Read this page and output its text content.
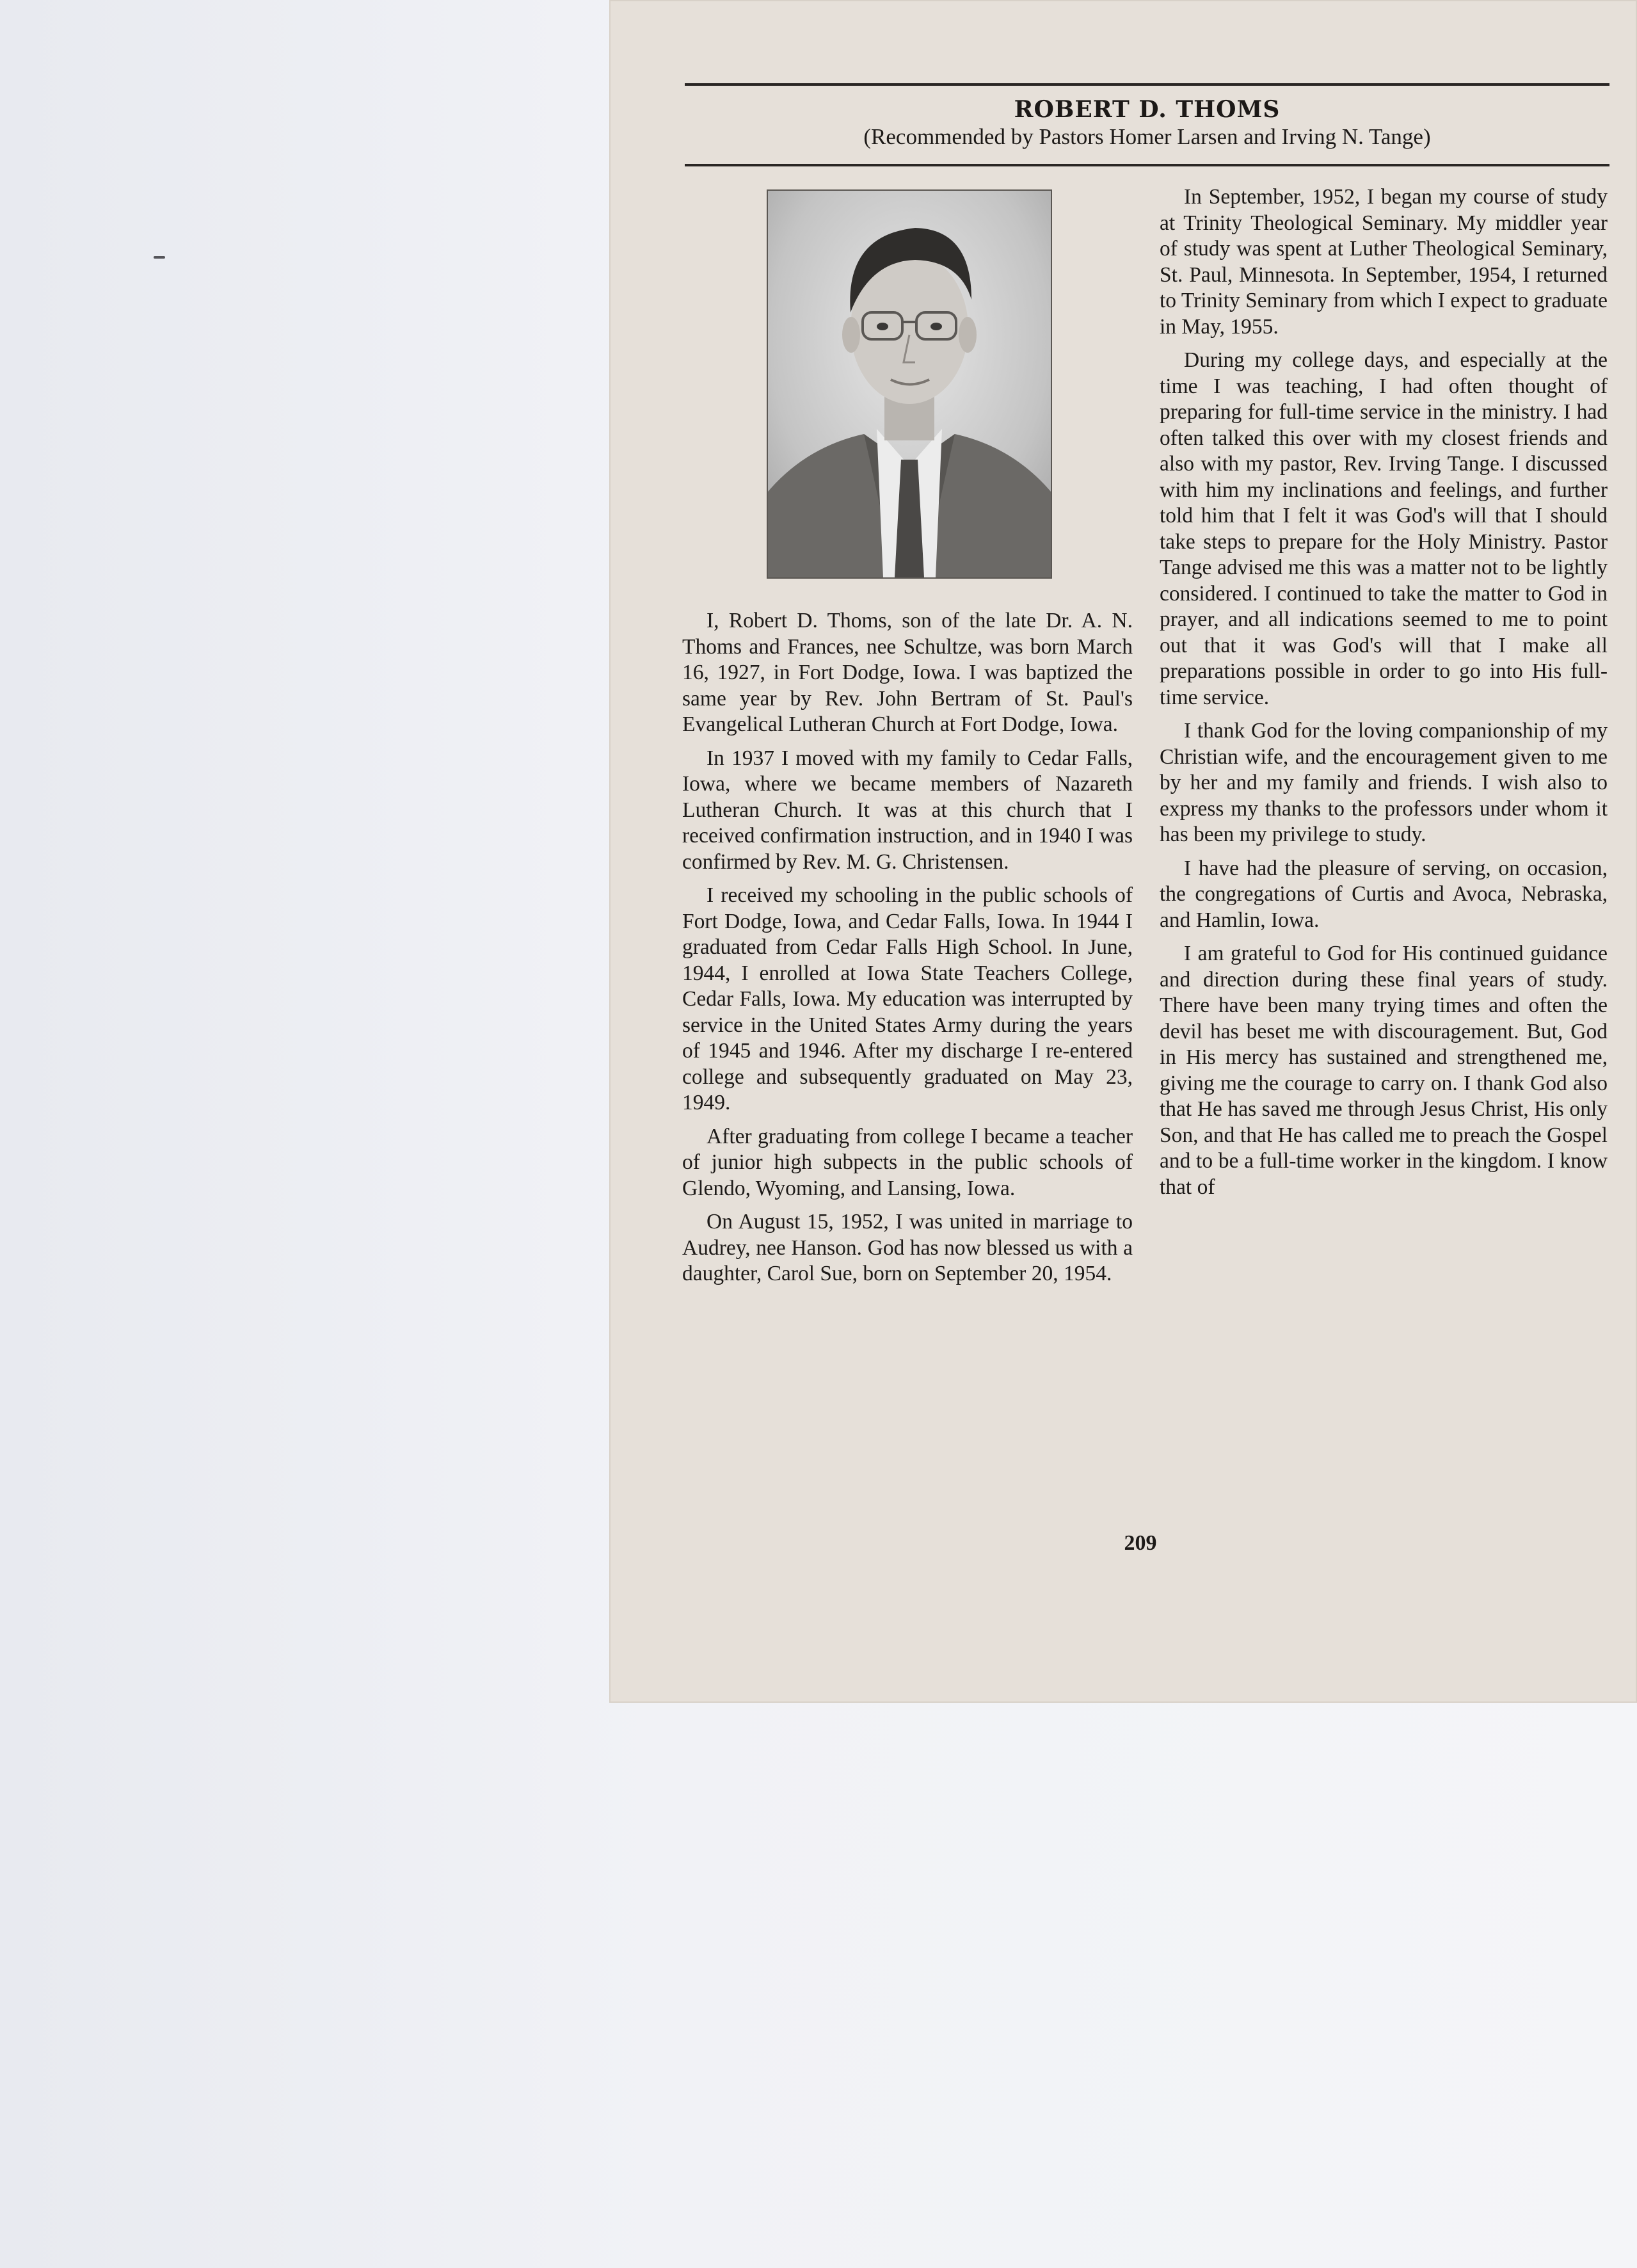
ROBERT D. THOMS
(Recommended by Pastors Homer Larsen and Irving N. Tange)

I, Robert D. Thoms, son of the late Dr. A. N. Thoms and Frances, nee Schultze, was born March 16, 1927, in Fort Dodge, Iowa. I was baptized the same year by Rev. John Bertram of St. Paul's Evangelical Lutheran Church at Fort Dodge, Iowa.

In 1937 I moved with my family to Cedar Falls, Iowa, where we became members of Nazareth Lutheran Church. It was at this church that I received confirmation instruction, and in 1940 I was confirmed by Rev. M. G. Christensen.

I received my schooling in the public schools of Fort Dodge, Iowa, and Cedar Falls, Iowa. In 1944 I graduated from Cedar Falls High School. In June, 1944, I enrolled at Iowa State Teachers College, Cedar Falls, Iowa. My education was interrupted by service in the United States Army during the years of 1945 and 1946. After my discharge I re-entered college and subsequently graduated on May 23, 1949.

After graduating from college I became a teacher of junior high subpects in the public schools of Glendo, Wyoming, and Lansing, Iowa.

On August 15, 1952, I was united in marriage to Audrey, nee Hanson. God has now blessed us with a daughter, Carol Sue, born on September 20, 1954.

In September, 1952, I began my course of study at Trinity Theological Seminary. My middler year of study was spent at Luther Theological Seminary, St. Paul, Minnesota. In September, 1954, I returned to Trinity Seminary from which I expect to graduate in May, 1955.

During my college days, and especially at the time I was teaching, I had often thought of preparing for full-time service in the ministry. I had often talked this over with my closest friends and also with my pastor, Rev. Irving Tange. I discussed with him my inclinations and feelings, and further told him that I felt it was God's will that I should take steps to prepare for the Holy Ministry. Pastor Tange advised me this was a matter not to be lightly considered. I continued to take the matter to God in prayer, and all indications seemed to me to point out that it was God's will that I make all preparations possible in order to go into His full-time service.

I thank God for the loving companionship of my Christian wife, and the encouragement given to me by her and my family and friends. I wish also to express my thanks to the professors under whom it has been my privilege to study.

I have had the pleasure of serving, on occasion, the congregations of Curtis and Avoca, Nebraska, and Hamlin, Iowa.

I am grateful to God for His continued guidance and direction during these final years of study. There have been many trying times and often the devil has beset me with discouragement. But, God in His mercy has sustained and strengthened me, giving me the courage to carry on. I thank God also that He has saved me through Jesus Christ, His only Son, and that He has called me to preach the Gospel and to be a full-time worker in the kingdom. I know that of

209
